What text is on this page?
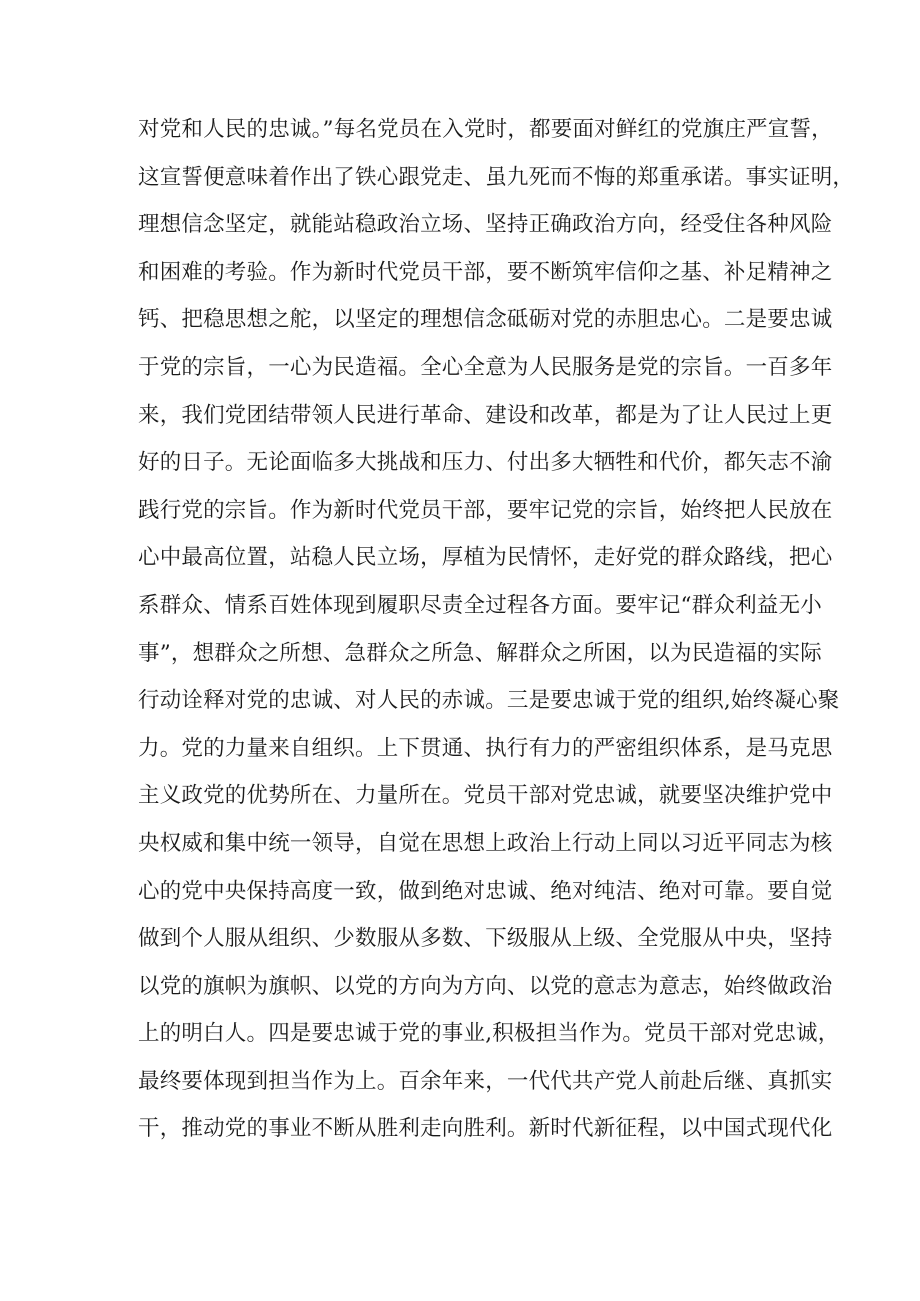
对党和人民的忠诚。”每名党员在入党时，都要面对鲜红的党旗庄严宣誓，
这宣誓便意味着作出了铁心跟党走、虽九死而不悔的郑重承诺。事实证明，
理想信念坚定，就能站稳政治立场、坚持正确政治方向，经受住各种风险
和困难的考验。作为新时代党员干部，要不断筑牢信仰之基、补足精神之
钙、把稳思想之舵，以坚定的理想信念砥砺对党的赤胆忠心。二是要忠诚
于党的宗旨，一心为民造福。全心全意为人民服务是党的宗旨。一百多年
来，我们党团结带领人民进行革命、建设和改革，都是为了让人民过上更
好的日子。无论面临多大挑战和压力、付出多大牺牲和代价，都矢志不渝
践行党的宗旨。作为新时代党员干部，要牢记党的宗旨，始终把人民放在
心中最高位置，站稳人民立场，厚植为民情怀，走好党的群众路线，把心
系群众、情系百姓体现到履职尽责全过程各方面。要牢记“群众利益无小
事”，想群众之所想、急群众之所急、解群众之所困，以为民造福的实际
行动诠释对党的忠诚、对人民的赤诚。三是要忠诚于党的组织,始终凝心聚
力。党的力量来自组织。上下贯通、执行有力的严密组织体系，是马克思
主义政党的优势所在、力量所在。党员干部对党忠诚，就要坚决维护党中
央权威和集中统一领导，自觉在思想上政治上行动上同以习近平同志为核
心的党中央保持高度一致，做到绝对忠诚、绝对纯洁、绝对可靠。要自觉
做到个人服从组织、少数服从多数、下级服从上级、全党服从中央，坚持
以党的旗帜为旗帜、以党的方向为方向、以党的意志为意志，始终做政治
上的明白人。四是要忠诚于党的事业,积极担当作为。党员干部对党忠诚，
最终要体现到担当作为上。百余年来，一代代共产党人前赴后继、真抓实
干，推动党的事业不断从胜利走向胜利。新时代新征程，以中国式现代化
